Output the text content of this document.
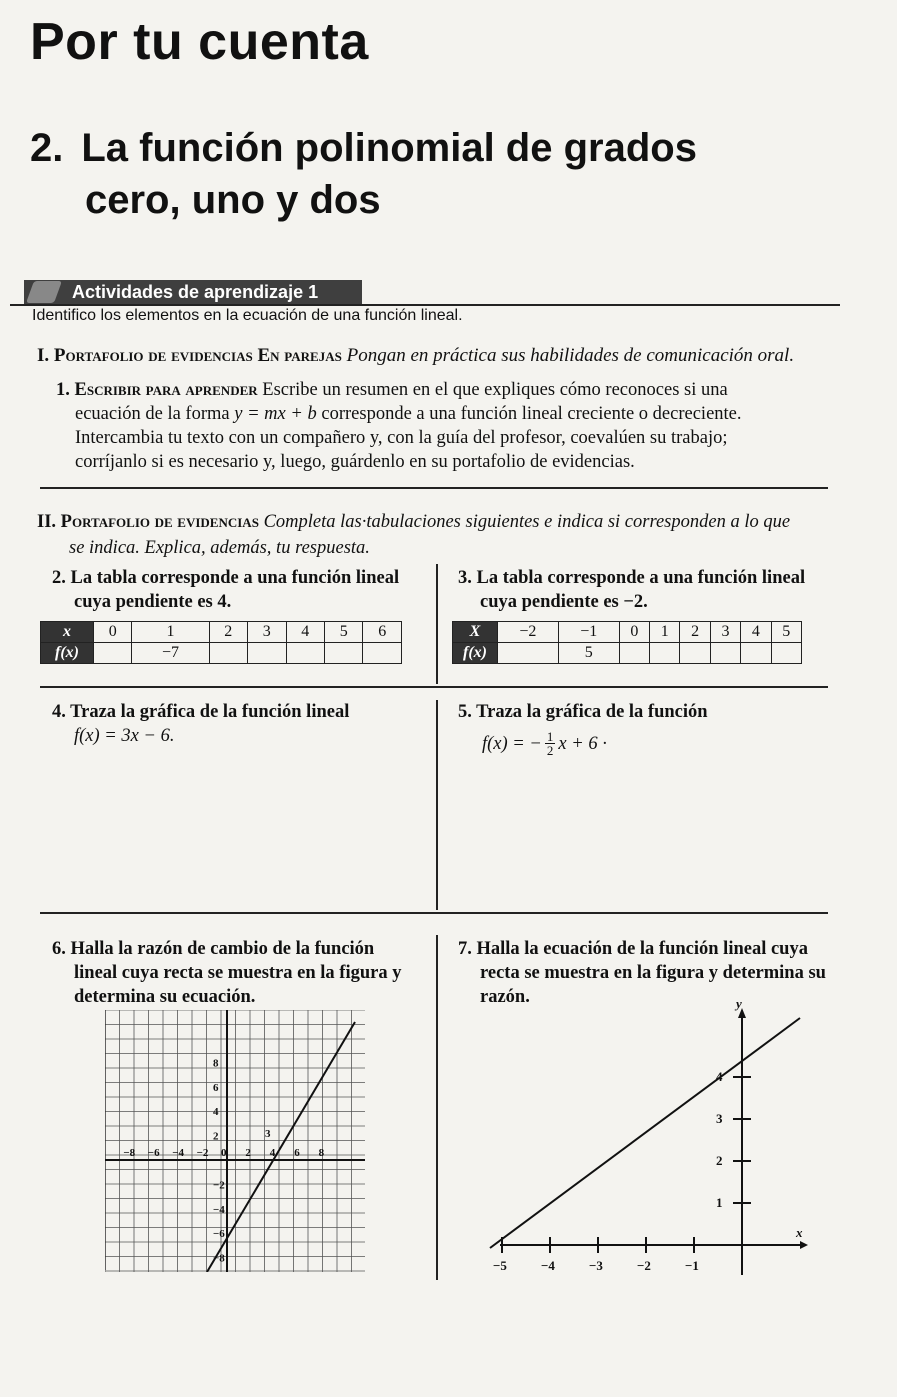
Por tu cuenta
2. La función polinomial de grados
cero, uno y dos
Actividades de aprendizaje 1
Identifico los elementos en la ecuación de una función lineal.
I. Portafolio de evidencias En parejas Pongan en práctica sus habilidades de comunicación oral.
1. Escribir para aprender Escribe un resumen en el que expliques cómo reconoces si una
ecuación de la forma y = mx + b corresponde a una función lineal creciente o decreciente.
Intercambia tu texto con un compañero y, con la guía del profesor, coevalúen su trabajo;
corríjanlo si es necesario y, luego, guárdenlo en su portafolio de evidencias.
II. Portafolio de evidencias Completa las·tabulaciones siguientes e indica si corresponden a lo que
se indica. Explica, además, tu respuesta.
2. La tabla corresponde a una función lineal
cuya pendiente es 4.
x	0	1	2	3	4	5	6
f(x)		−7					
3. La tabla corresponde a una función lineal
cuya pendiente es −2.
X	−2	−1	0	1	2	3	4	5
f(x)		5						
4. Traza la gráfica de la función lineal
f(x) = 3x − 6.
5. Traza la gráfica de la función
f(x) = − $\frac{1}{2}$ x + 6 ·
6. Halla la razón de cambio de la función
lineal cuya recta se muestra en la figura y
determina su ecuación.
−8 −6 −4 −2 0 2 4 6 8
8
6
4
2
−2
−4
−6
−8
3
7. Halla la ecuación de la función lineal cuya
recta se muestra en la figura y determina su
razón.
−5	−4	−3	−2	−1
4
3
2
1
x
y
